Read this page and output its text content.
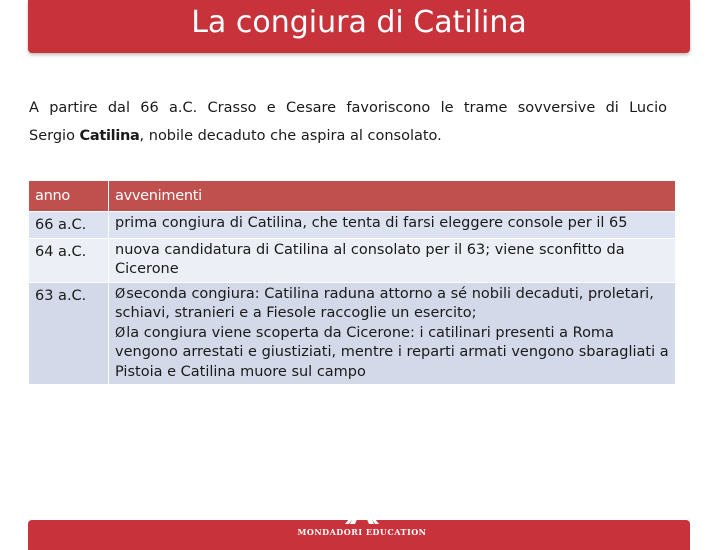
La congiura di Catilina
A partire dal 66 a.C. Crasso e Cesare favoriscono le trame sovversive di Lucio
Sergio Catilina, nobile decaduto che aspira al consolato.
anno	avvenimenti
66 a.C.	prima congiura di Catilina, che tenta di farsi eleggere console per il 65
64 a.C.	nuova candidatura di Catilina al consolato per il 63; viene sconfitto da Cicerone
63 a.C.	Øseconda congiura: Catilina raduna attorno a sé nobili decaduti, proletari, schiavi, stranieri e a Fiesole raccoglie un esercito;
Øla congiura viene scoperta da Cicerone: i catilinari presenti a Roma vengono arrestati e giustiziati, mentre i reparti armati vengono sbaragliati a Pistoia e Catilina muore sul campo
MONDADORI EDUCATION
